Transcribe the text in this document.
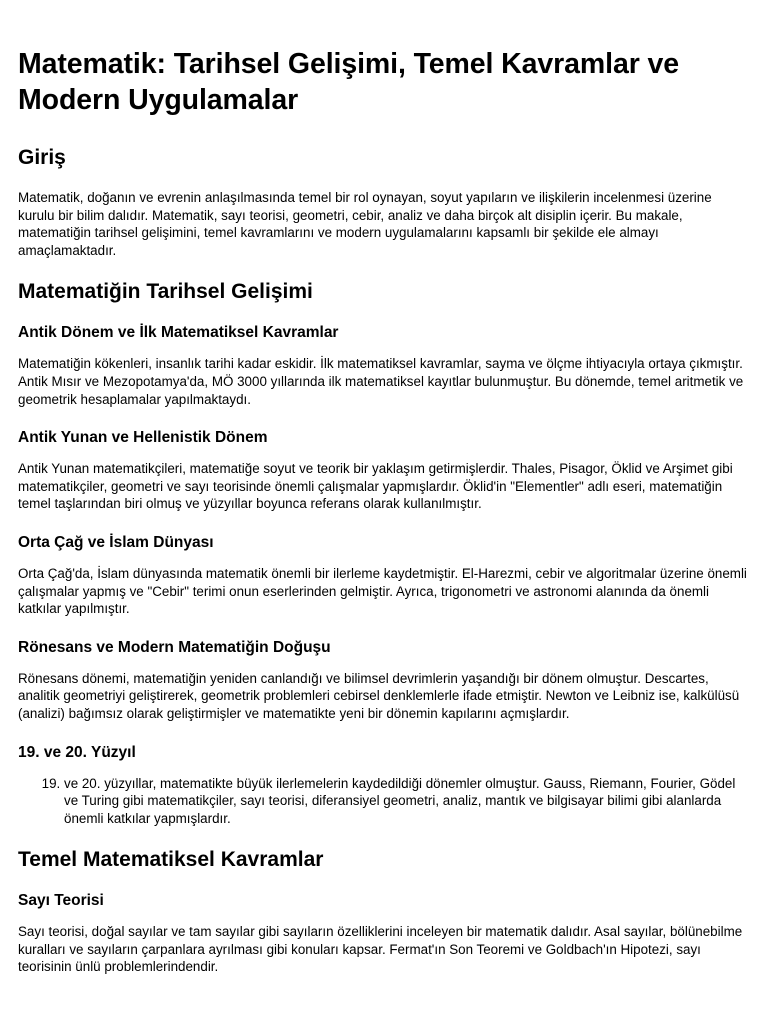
Matematik: Tarihsel Gelişimi, Temel Kavramlar ve Modern Uygulamalar
Giriş

Matematik, doğanın ve evrenin anlaşılmasında temel bir rol oynayan, soyut yapıların ve ilişkilerin incelenmesi üzerine kurulu bir bilim dalıdır. Matematik, sayı teorisi, geometri, cebir, analiz ve daha birçok alt disiplin içerir. Bu makale, matematiğin tarihsel gelişimini, temel kavramlarını ve modern uygulamalarını kapsamlı bir şekilde ele almayı amaçlamaktadır.

Matematiğin Tarihsel Gelişimi
Antik Dönem ve İlk Matematiksel Kavramlar

Matematiğin kökenleri, insanlık tarihi kadar eskidir. İlk matematiksel kavramlar, sayma ve ölçme ihtiyacıyla ortaya çıkmıştır. Antik Mısır ve Mezopotamya'da, MÖ 3000 yıllarında ilk matematiksel kayıtlar bulunmuştur. Bu dönemde, temel aritmetik ve geometrik hesaplamalar yapılmaktaydı.

Antik Yunan ve Hellenistik Dönem

Antik Yunan matematikçileri, matematiğe soyut ve teorik bir yaklaşım getirmişlerdir. Thales, Pisagor, Öklid ve Arşimet gibi matematikçiler, geometri ve sayı teorisinde önemli çalışmalar yapmışlardır. Öklid'in "Elementler" adlı eseri, matematiğin temel taşlarından biri olmuş ve yüzyıllar boyunca referans olarak kullanılmıştır.

Orta Çağ ve İslam Dünyası

Orta Çağ'da, İslam dünyasında matematik önemli bir ilerleme kaydetmiştir. El-Harezmi, cebir ve algoritmalar üzerine önemli çalışmalar yapmış ve "Cebir" terimi onun eserlerinden gelmiştir. Ayrıca, trigonometri ve astronomi alanında da önemli katkılar yapılmıştır.

Rönesans ve Modern Matematiğin Doğuşu

Rönesans dönemi, matematiğin yeniden canlandığı ve bilimsel devrimlerin yaşandığı bir dönem olmuştur. Descartes, analitik geometriyi geliştirerek, geometrik problemleri cebirsel denklemlerle ifade etmiştir. Newton ve Leibniz ise, kalkülüsü (analizi) bağımsız olarak geliştirmişler ve matematikte yeni bir dönemin kapılarını açmışlardır.

19. ve 20. Yüzyıl
19. ve 20. yüzyıllar, matematikte büyük ilerlemelerin kaydedildiği dönemler olmuştur. Gauss, Riemann, Fourier, Gödel ve Turing gibi matematikçiler, sayı teorisi, diferansiyel geometri, analiz, mantık ve bilgisayar bilimi gibi alanlarda önemli katkılar yapmışlardır.
Temel Matematiksel Kavramlar
Sayı Teorisi

Sayı teorisi, doğal sayılar ve tam sayılar gibi sayıların özelliklerini inceleyen bir matematik dalıdır. Asal sayılar, bölünebilme kuralları ve sayıların çarpanlara ayrılması gibi konuları kapsar. Fermat'ın Son Teoremi ve Goldbach'ın Hipotezi, sayı teorisinin ünlü problemlerindendir.
